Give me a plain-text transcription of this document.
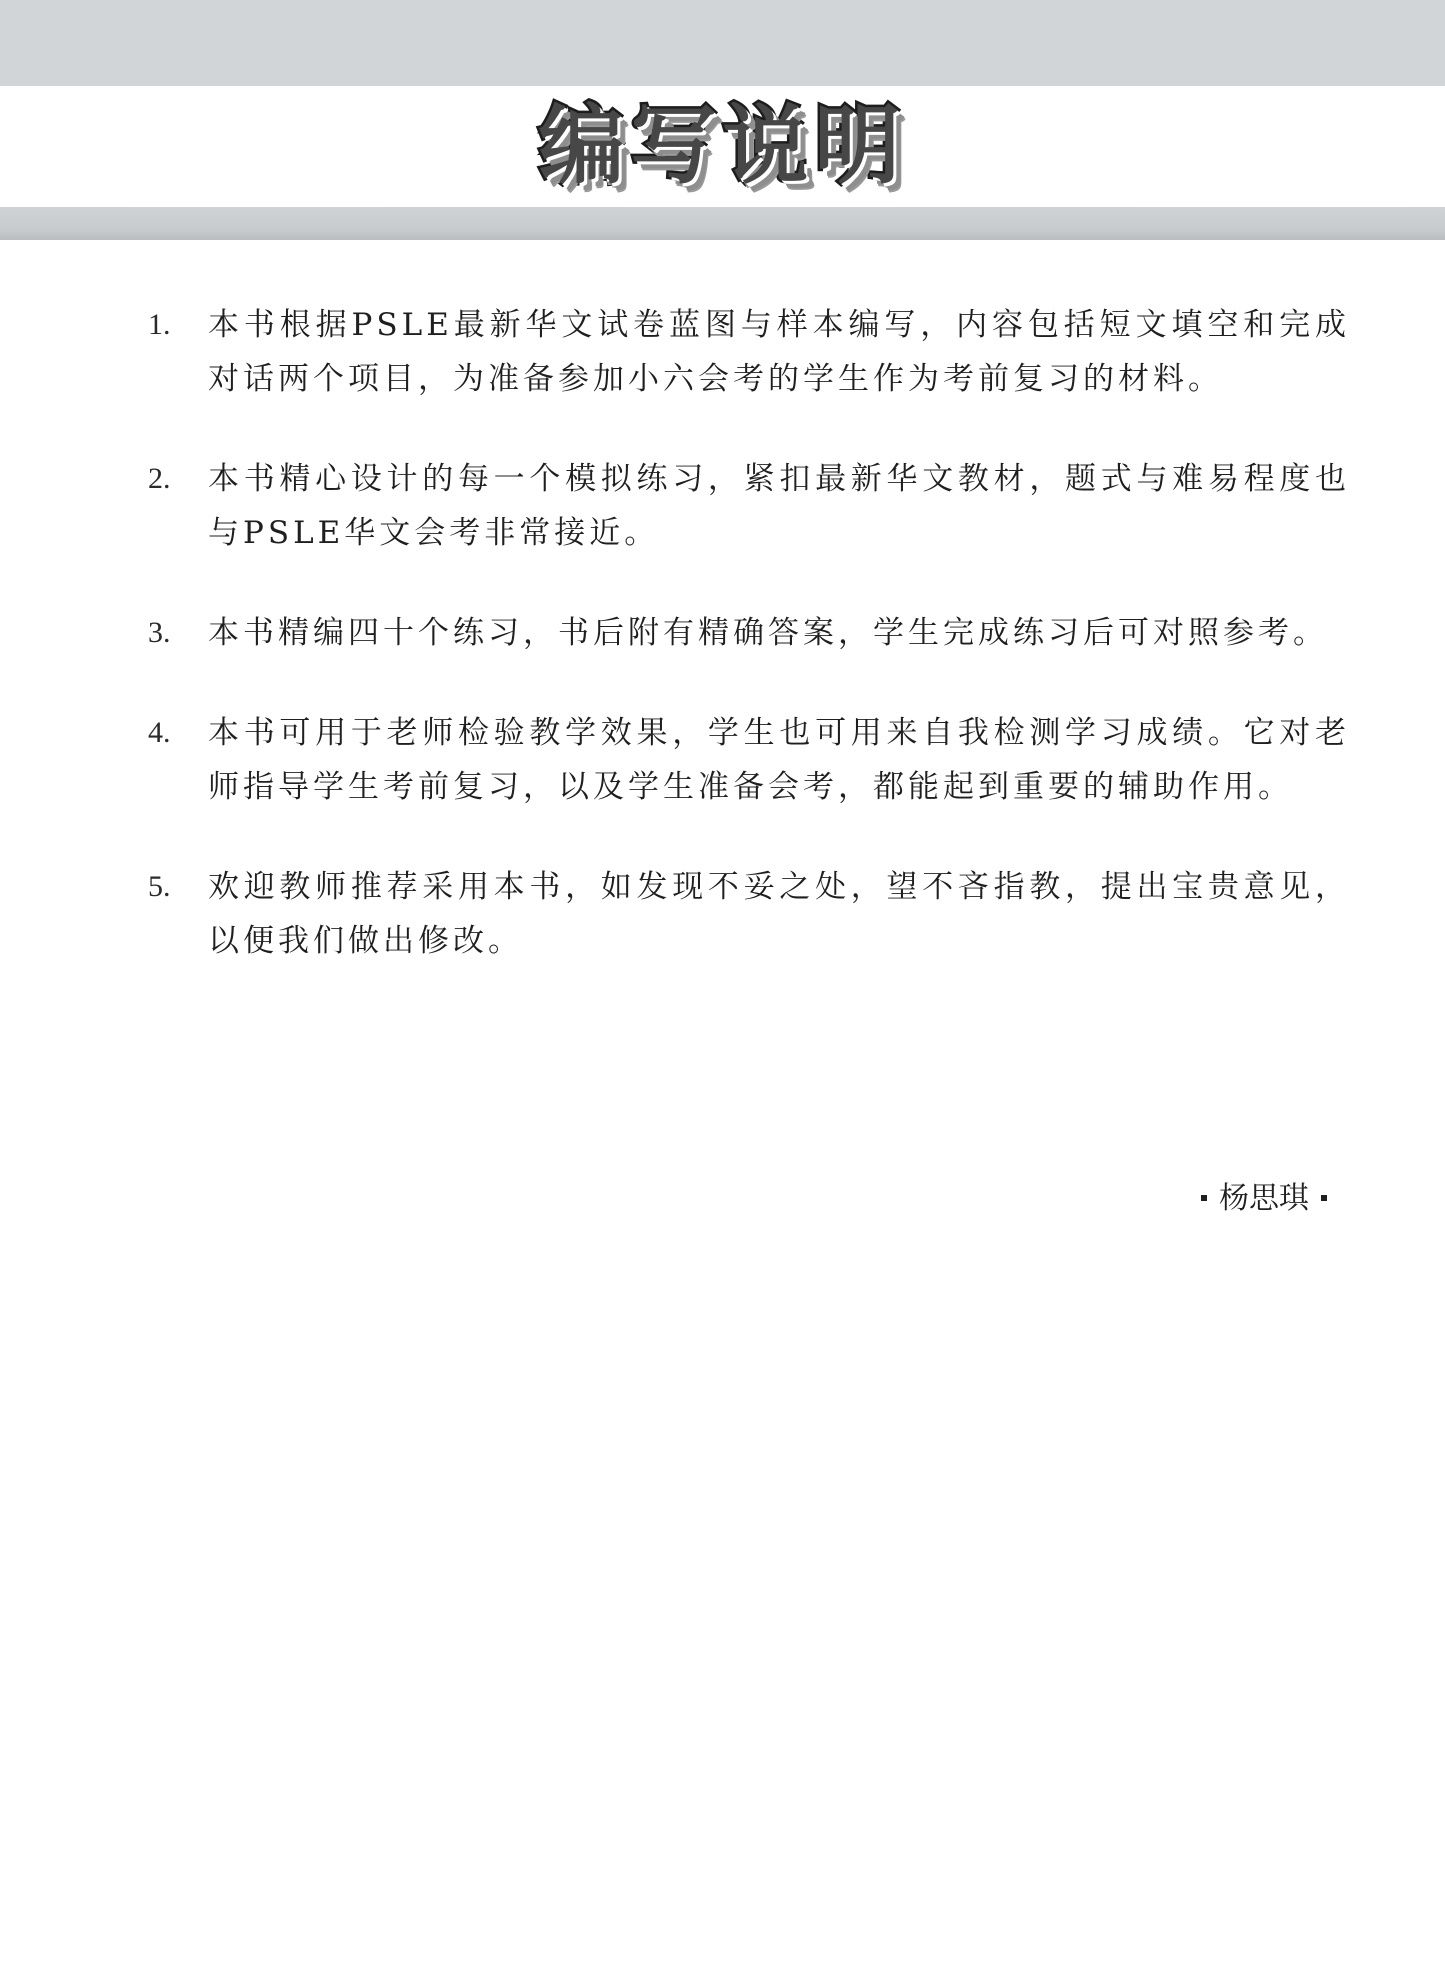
编写说明
1. 本书根据PSLE最新华文试卷蓝图与样本编写，内容包括短文填空和完成对话两个项目，为准备参加小六会考的学生作为考前复习的材料。
2. 本书精心设计的每一个模拟练习，紧扣最新华文教材，题式与难易程度也与PSLE华文会考非常接近。
3. 本书精编四十个练习，书后附有精确答案，学生完成练习后可对照参考。
4. 本书可用于老师检验教学效果，学生也可用来自我检测学习成绩。它对老师指导学生考前复习，以及学生准备会考，都能起到重要的辅助作用。
5. 欢迎教师推荐采用本书，如发现不妥之处，望不吝指教，提出宝贵意见，以便我们做出修改。
杨思琪
